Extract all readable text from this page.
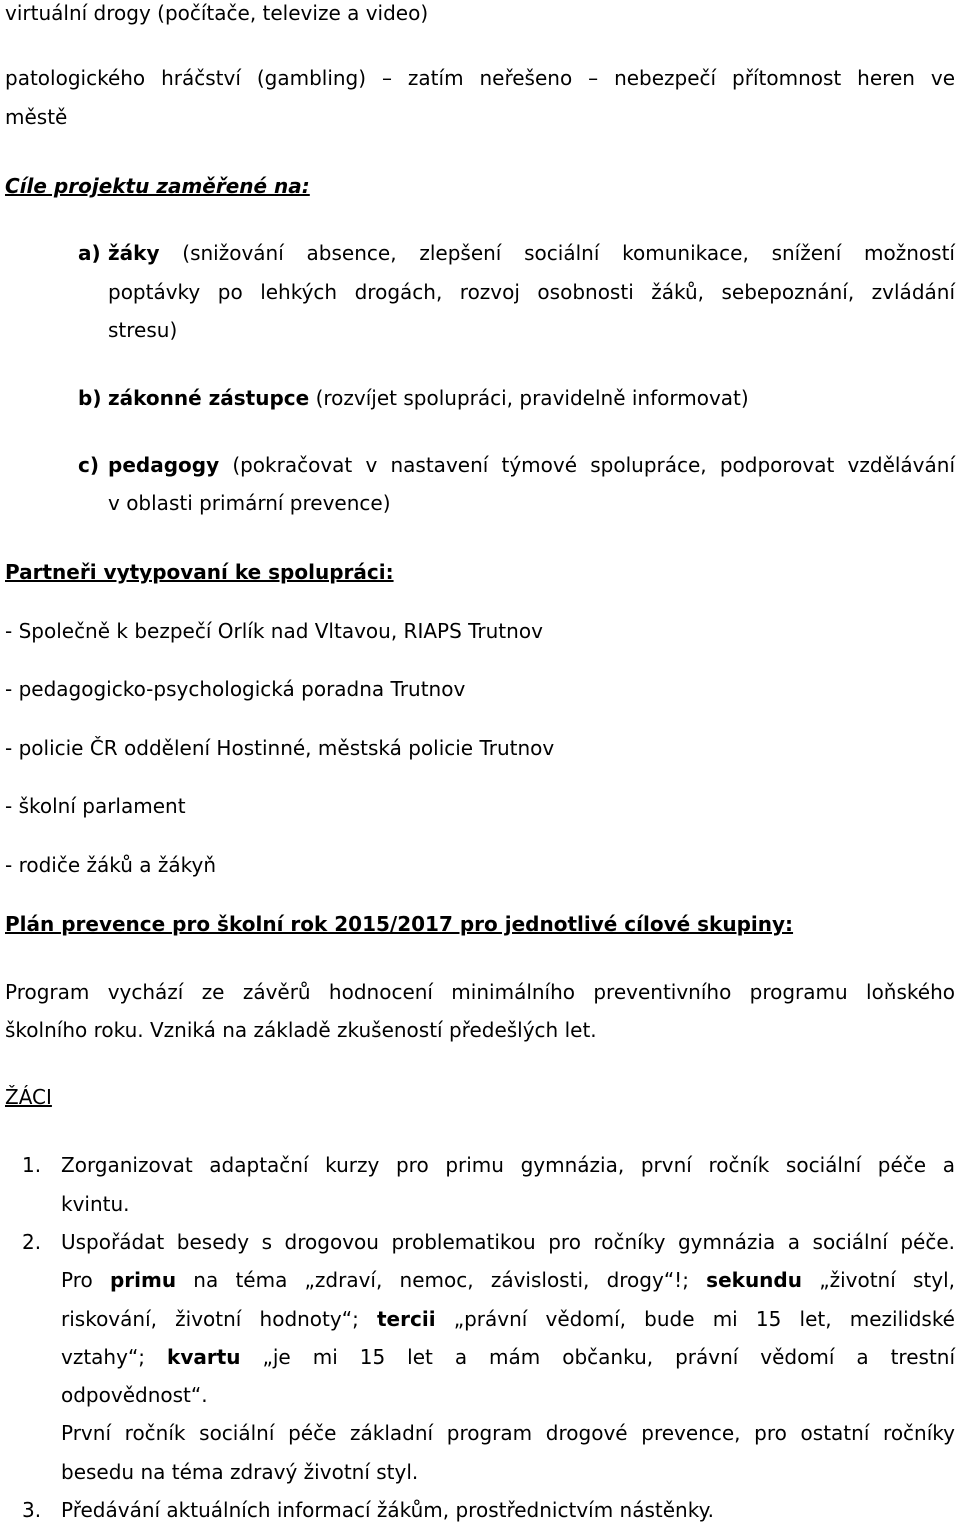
virtuální drogy (počítače, televize a video)
patologického hráčství (gambling) – zatím neřešeno – nebezpečí přítomnost heren ve
městě
Cíle projektu zaměřené na:
a) žáky (snižování absence, zlepšení sociální komunikace, snížení možností
poptávky po lehkých drogách, rozvoj osobnosti žáků, sebepoznání, zvládání
stresu)
b) zákonné zástupce (rozvíjet spolupráci, pravidelně informovat)
c) pedagogy (pokračovat v nastavení týmové spolupráce, podporovat vzdělávání
v oblasti primární prevence)
Partneři vytypovaní ke spolupráci:
- Společně k bezpečí Orlík nad Vltavou, RIAPS Trutnov
- pedagogicko-psychologická poradna Trutnov
- policie ČR oddělení Hostinné, městská policie Trutnov
- školní parlament
- rodiče žáků a žákyň
Plán prevence pro školní rok 2015/2017 pro jednotlivé cílové skupiny:
Program vychází ze závěrů hodnocení minimálního preventivního programu loňského
školního roku. Vzniká na základě zkušeností předešlých let.
ŽÁCI
1. Zorganizovat adaptační kurzy pro primu gymnázia, první ročník sociální péče a
kvintu.
2. Uspořádat besedy s drogovou problematikou pro ročníky gymnázia a sociální péče.
Pro primu na téma „zdraví, nemoc, závislosti, drogy“!; sekundu „životní styl,
riskování, životní hodnoty“; tercii „právní vědomí, bude mi 15 let, mezilidské
vztahy“; kvartu „je mi 15 let a mám občanku, právní vědomí a trestní
odpovědnost“.
První ročník sociální péče základní program drogové prevence, pro ostatní ročníky
besedu na téma zdravý životní styl.
3. Předávání aktuálních informací žákům, prostřednictvím nástěnky.
